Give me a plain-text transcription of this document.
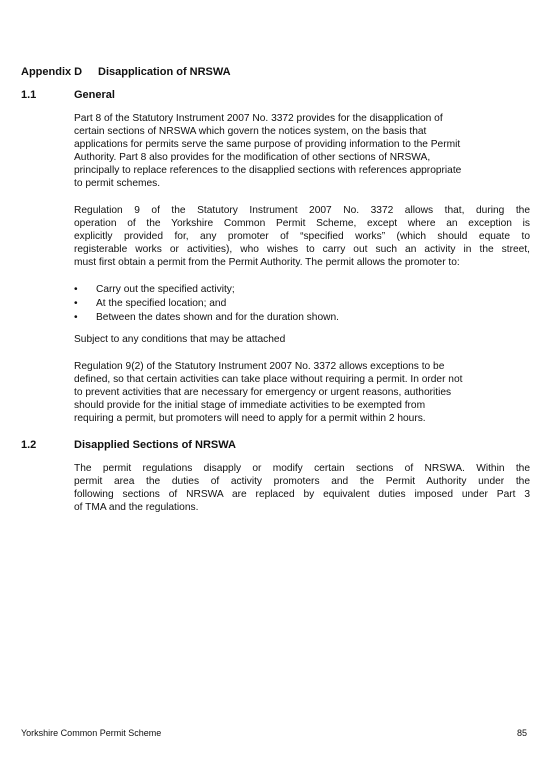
Appendix D Disapplication of NRSWA
1.1	General

Part 8 of the Statutory Instrument 2007 No. 3372 provides for the disapplication of
certain sections of NRSWA which govern the notices system, on the basis that
applications for permits serve the same purpose of providing information to the Permit
Authority. Part 8 also provides for the modification of other sections of NRSWA,
principally to replace references to the disapplied sections with references appropriate
to permit schemes.

Regulation 9 of the Statutory Instrument 2007 No. 3372 allows that, during the
operation of the Yorkshire Common Permit Scheme, except where an exception is
explicitly provided for, any promoter of “specified works” (which should equate to
registerable works or activities), who wishes to carry out such an activity in the street,
must first obtain a permit from the Permit Authority. The permit allows the promoter to:

• Carry out the specified activity;
• At the specified location; and
• Between the dates shown and for the duration shown.

Subject to any conditions that may be attached

Regulation 9(2) of the Statutory Instrument 2007 No. 3372 allows exceptions to be
defined, so that certain activities can take place without requiring a permit. In order not
to prevent activities that are necessary for emergency or urgent reasons, authorities
should provide for the initial stage of immediate activities to be exempted from
requiring a permit, but promoters will need to apply for a permit within 2 hours.

1.2	Disapplied Sections of NRSWA

The permit regulations disapply or modify certain sections of NRSWA. Within the
permit area the duties of activity promoters and the Permit Authority under the
following sections of NRSWA are replaced by equivalent duties imposed under Part 3
of TMA and the regulations.

Yorkshire Common Permit Scheme	85
